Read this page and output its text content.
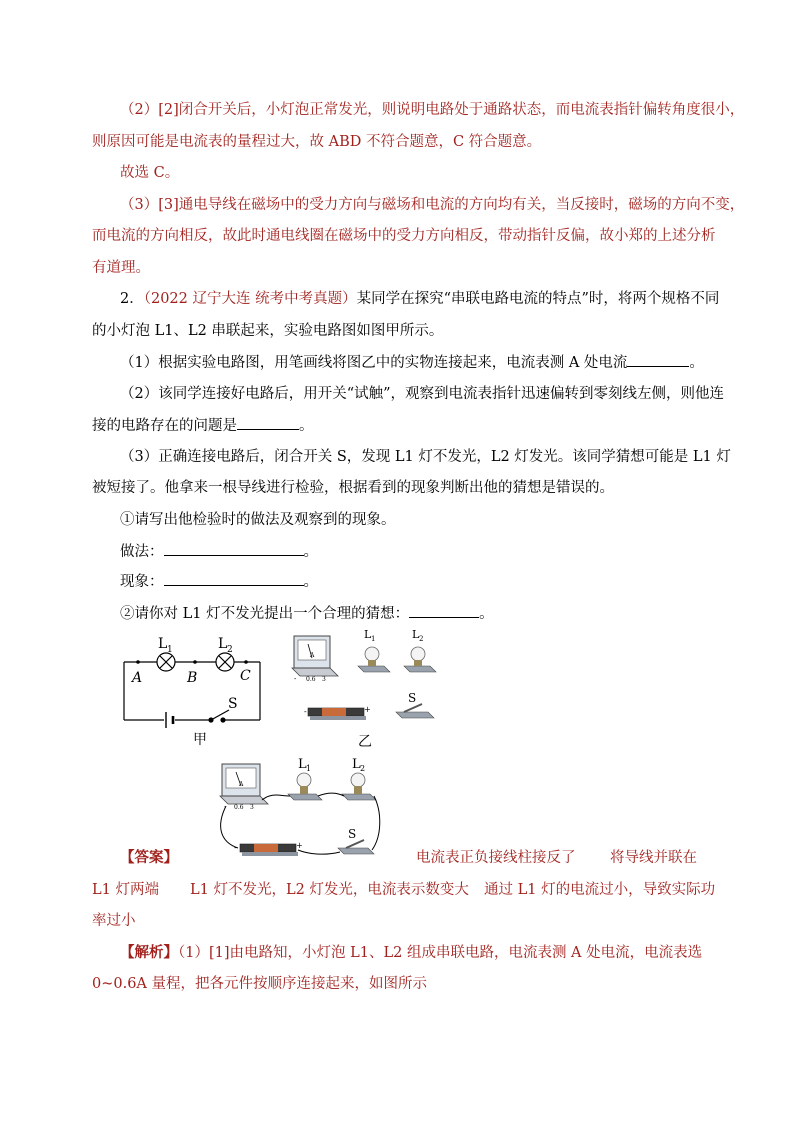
（2）[2]闭合开关后，小灯泡正常发光，则说明电路处于通路状态，而电流表指针偏转角度很小，
则原因可能是电流表的量程过大，故 ABD 不符合题意，C 符合题意。
故选 C。
（3）[3]通电导线在磁场中的受力方向与磁场和电流的方向均有关，当反接时，磁场的方向不变，
而电流的方向相反，故此时通电线圈在磁场中的受力方向相反，带动指针反偏，故小郑的上述分析
有道理。
2．（2022 辽宁大连 统考中考真题）某同学在探究“串联电路电流的特点”时，将两个规格不同
的小灯泡 L1、L2 串联起来，实验电路图如图甲所示。
（1）根据实验电路图，用笔画线将图乙中的实物连接起来，电流表测 A 处电流	。
（2）该同学连接好电路后，用开关“试触”，观察到电流表指针迅速偏转到零刻线左侧，则他连
接的电路存在的问题是	。
（3）正确连接电路后，闭合开关 S，发现 L1 灯不发光，L2 灯发光。该同学猜想可能是 L1 灯
被短接了。他拿来一根导线进行检验，根据看到的现象判断出他的猜想是错误的。
①请写出他检验时的做法及观察到的现象。
做法：	。
现象：	。
②请你对 L1 灯不发光提出一个合理的猜想：	。
L 1	L 2
A	B	C
S
甲
A
- 0.6 3
L 1	L 2
-	+
S
乙
A
- 0.6 3
L 1	L 2
-	+
S
【答案】	电流表正负接线柱接反了 将导线并联在
L1 灯两端 L1 灯不发光，L2 灯发光，电流表示数变大 通过 L1 灯的电流过小，导致实际功
率过小
【解析】（1）[1]由电路知，小灯泡 L1、L2 组成串联电路，电流表测 A 处电流，电流表选
0~0.6A 量程，把各元件按顺序连接起来，如图所示
